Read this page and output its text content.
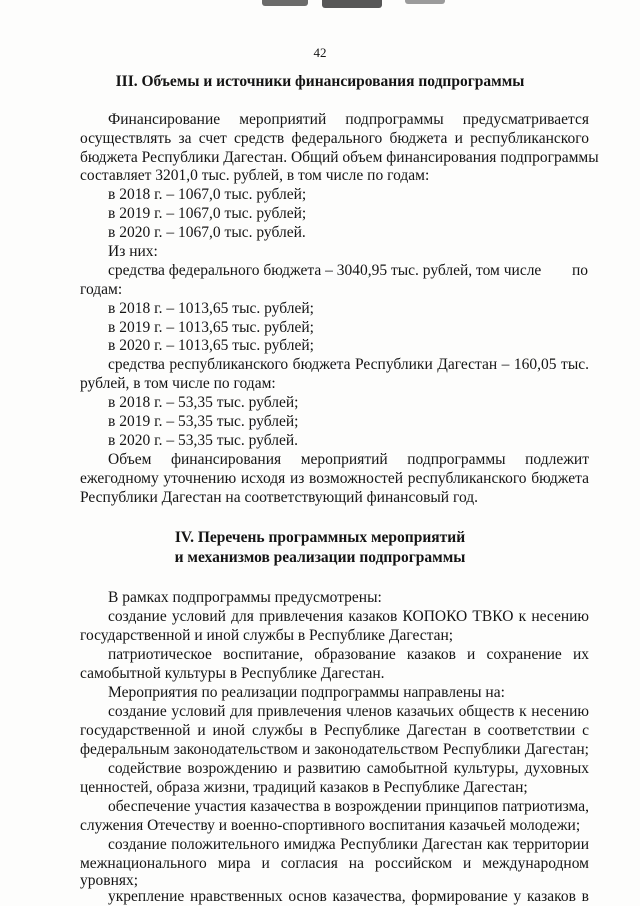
42
III. Объемы и источники финансирования подпрограммы
Финансирование мероприятий подпрограммы предусматривается
осуществлять за счет средств федерального бюджета и республиканского
бюджета Республики Дагестан. Общий объем финансирования подпрограммы
составляет 3201,0 тыс. рублей, в том числе по годам:
в 2018 г. – 1067,0 тыс. рублей;
в 2019 г. – 1067,0 тыс. рублей;
в 2020 г. – 1067,0 тыс. рублей.
Из них:
средства федерального бюджета – 3040,95 тыс. рублей, том числе по
годам:
в 2018 г. – 1013,65 тыс. рублей;
в 2019 г. – 1013,65 тыс. рублей;
в 2020 г. – 1013,65 тыс. рублей;
средства республиканского бюджета Республики Дагестан – 160,05 тыс.
рублей, в том числе по годам:
в 2018 г. – 53,35 тыс. рублей;
в 2019 г. – 53,35 тыс. рублей;
в 2020 г. – 53,35 тыс. рублей.
Объем финансирования мероприятий подпрограммы подлежит
ежегодному уточнению исходя из возможностей республиканского бюджета
Республики Дагестан на соответствующий финансовый год.
IV. Перечень программных мероприятий
и механизмов реализации подпрограммы
В рамках подпрограммы предусмотрены:
создание условий для привлечения казаков КОПОКО ТВКО к несению
государственной и иной службы в Республике Дагестан;
патриотическое воспитание, образование казаков и сохранение их
самобытной культуры в Республике Дагестан.
Мероприятия по реализации подпрограммы направлены на:
создание условий для привлечения членов казачьих обществ к несению
государственной и иной службы в Республике Дагестан в соответствии с
федеральным законодательством и законодательством Республики Дагестан;
содействие возрождению и развитию самобытной культуры, духовных
ценностей, образа жизни, традиций казаков в Республике Дагестан;
обеспечение участия казачества в возрождении принципов патриотизма,
служения Отечеству и военно-спортивного воспитания казачьей молодежи;
создание положительного имиджа Республики Дагестан как территории
межнационального мира и согласия на российском и международном
уровнях;
укрепление нравственных основ казачества, формирование у казаков в
